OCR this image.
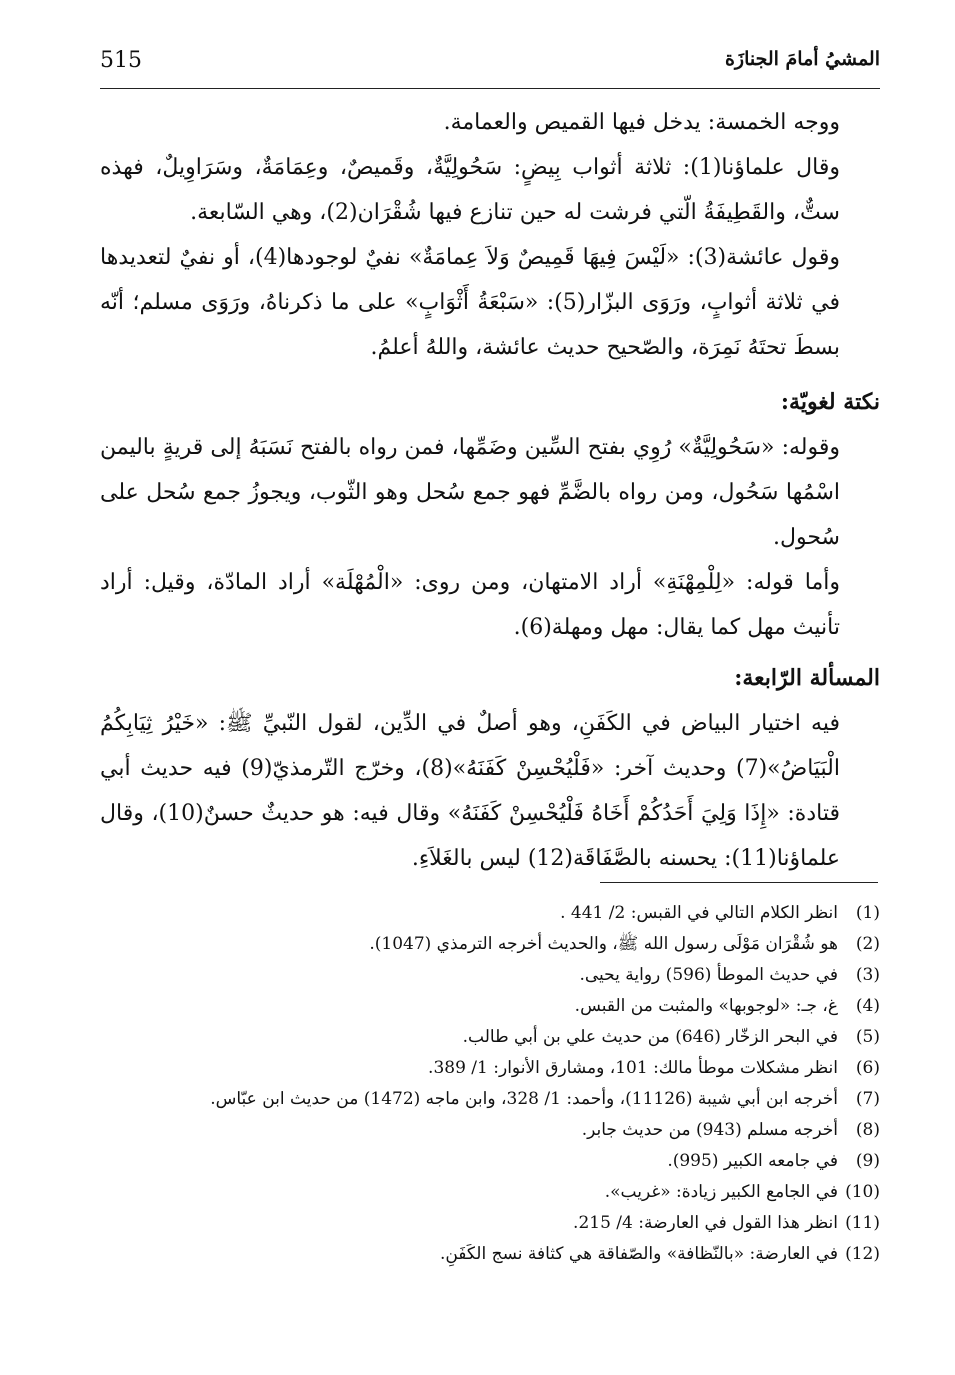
515	المشيُ أمامَ الجنازَة

ووجه الخمسة: يدخل فيها القميص والعمامة.

وقال علماؤنا(1): ثلاثة أثواب بِيضٍ: سَحُولِيَّةٌ، وقَميصٌ، وعِمَامَةٌ، وسَرَاوِيلٌ، فهذه ستٌّ، والقَطِيفَةُ الّتي فرشت له حين تنازع فيها شُقْرَان(2)، وهي السّابعة.

وقول عائشة(3): «لَيْسَ فِيهَا قَمِيصٌ وَلاَ عِمامَةٌ» نفيٌ لوجودها(4)، أو نفيٌ لتعديدها في ثلاثة أثوابٍ، ورَوَى البزّار(5): «سَبْعَةُ أَثْوَابٍ» على ما ذكرناهُ، ورَوَى مسلم؛ أنّه بسطَ تحتَهُ نَمِرَة، والصّحيح حديث عائشة، واللهُ أعلمُ.

نكتة لغويّة:

وقوله: «سَحُولِيَّةٌ» رُوِي بفتح السِّين وضَمِّها، فمن رواه بالفتح نَسَبَهُ إلى قريةٍ باليمن اسْمُها سَحُول، ومن رواه بالضَّمِّ فهو جمع سُحل وهو الثّوب، ويجوزُ جمع سُحل على سُحول.

وأما قوله: «لِلْمِهْنَةِ» أراد الامتهان، ومن روى: «الْمُهْلَة» أراد المادّة، وقيل: أراد تأنيث مهل كما يقال: مهل ومهلة(6).

المسألة الرّابعة:

فيه اختيار البياض في الكَفَنِ، وهو أصلٌ في الدِّين، لقول النّبيِّ ﷺ: «خَيْرُ ثِيَابِكُمُ الْبَيَاضُ»(7) وحديث آخر: «فَلْيُحْسِنْ كَفَنَهُ»(8)، وخرّج التّرمذيّ(9) فيه حديث أبي قتادة: «إِذَا وَلِيَ أَحَدُكُمْ أَخَاهُ فَلْيُحْسِنْ كَفَنَهُ» وقال فيه: هو حديثٌ حسنٌ(10)، وقال علماؤنا(11): يحسنه بالصَّفَاقَة(12) ليس بالغَلاَءِ.

(1)
انظر الكلام التالي في القبس: 2/ 441 .
(2)
هو شُقْرَان مَوْلَى رسول الله ﷺ، والحديث أخرجه الترمذي (1047).
(3)
في حديث الموطأ (596) رواية يحيى.
(4)
غ، جـ: «لوجوبها» والمثبت من القبس.
(5)
في البحر الزخّار (646) من حديث علي بن أبي طالب.
(6)
انظر مشكلات موطأ مالك: 101، ومشارق الأنوار: 1/ 389.
(7)
أخرجه ابن أبي شيبة (11126)، وأحمد: 1/ 328، وابن ماجه (1472) من حديث ابن عبّاس.
(8)
أخرجه مسلم (943) من حديث جابر.
(9)
في جامعه الكبير (995).
(10)
في الجامع الكبير زيادة: «غريب».
(11)
انظر هذا القول في العارضة: 4/ 215.
(12)
في العارضة: «بالنّظافة» والصّفاقة هي كثافة نسج الكَفَنِ.
